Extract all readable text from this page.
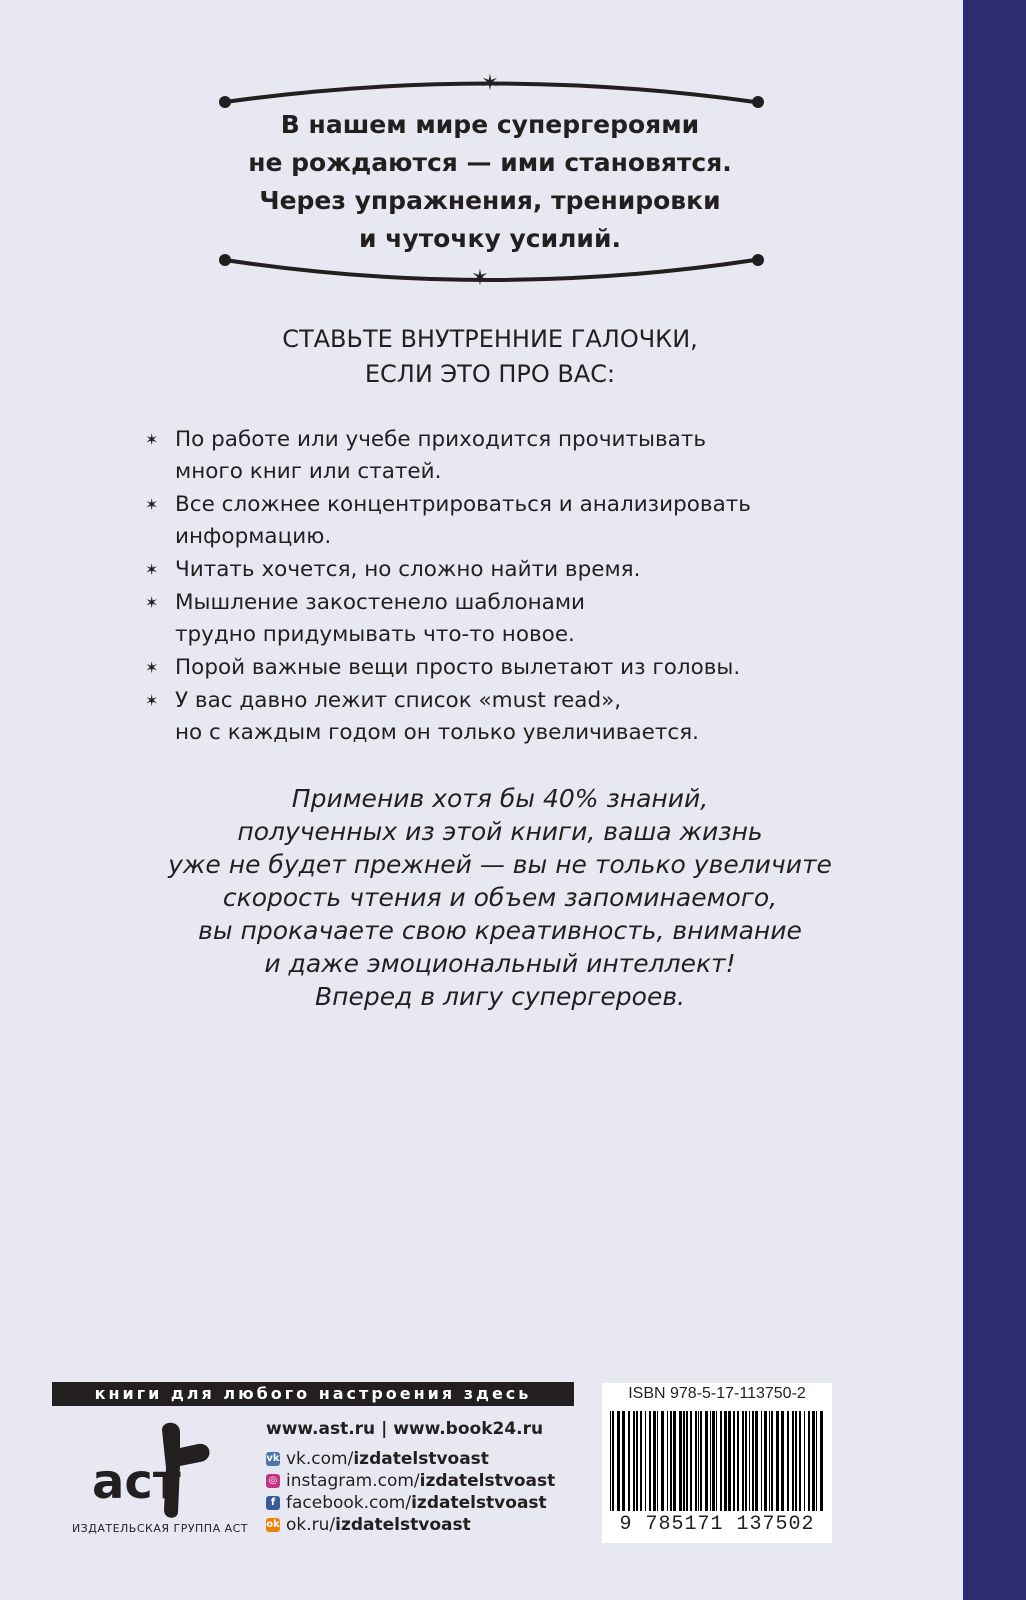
✶
✶
В нашем мире супергероями
не рождаются — ими становятся.
Через упражнения, тренировки
и чуточку усилий.
СТАВЬТЕ ВНУТРЕННИЕ ГАЛОЧКИ,
ЕСЛИ ЭТО ПРО ВАС:
✶ По работе или учебе приходится прочитывать
много книг или статей.
✶ Все сложнее концентрироваться и анализировать
информацию.
✶ Читать хочется, но сложно найти время.
✶ Мышление закостенело шаблонами
трудно придумывать что-то новое.
✶ Порой важные вещи просто вылетают из головы.
✶ У вас давно лежит список «must read»,
но с каждым годом он только увеличивается.
Применив хотя бы 40% знаний,
полученных из этой книги, ваша жизнь
уже не будет прежней — вы не только увеличите
скорость чтения и объем запоминаемого,
вы прокачаете свою креативность, внимание
и даже эмоциональный интеллект!
Вперед в лигу супергероев.
книги для любого настроения здесь
аст
ИЗДАТЕЛЬСКАЯ ГРУППА АСТ
www.ast.ru | www.book24.ru
vk vk.com/ izdatelstvoast
◎ instagram.com/ izdatelstvoast
f facebook.com/ izdatelstvoast
ok ok.ru/ izdatelstvoast
ISBN 978-5-17-113750-2
9 785171 137502
